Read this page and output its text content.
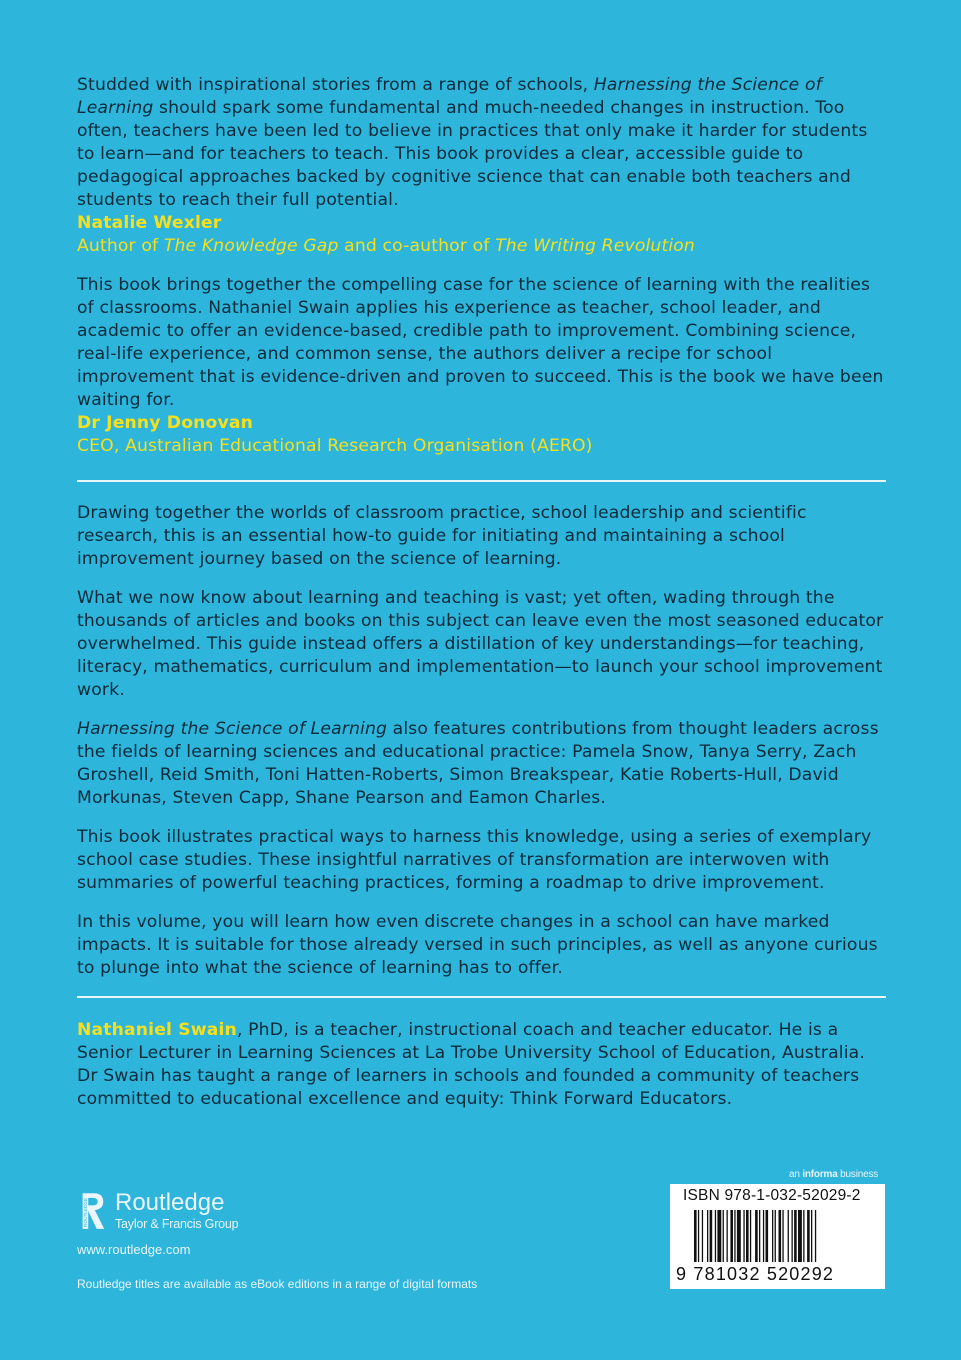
Studded with inspirational stories from a range of schools, Harnessing the Science of Learning should spark some fundamental and much-needed changes in instruction. Too often, teachers have been led to believe in practices that only make it harder for students to learn—and for teachers to teach. This book provides a clear, accessible guide to pedagogical approaches backed by cognitive science that can enable both teachers and students to reach their full potential.

Natalie Wexler

Author of The Knowledge Gap and co-author of The Writing Revolution

This book brings together the compelling case for the science of learning with the realities of classrooms. Nathaniel Swain applies his experience as teacher, school leader, and academic to offer an evidence-based, credible path to improvement. Combining science, real-life experience, and common sense, the authors deliver a recipe for school improvement that is evidence-driven and proven to succeed. This is the book we have been waiting for.

Dr Jenny Donovan

CEO, Australian Educational Research Organisation (AERO)

Drawing together the worlds of classroom practice, school leadership and scientific research, this is an essential how-to guide for initiating and maintaining a school improvement journey based on the science of learning.

What we now know about learning and teaching is vast; yet often, wading through the thousands of articles and books on this subject can leave even the most seasoned educator overwhelmed. This guide instead offers a distillation of key understandings—for teaching, literacy, mathematics, curriculum and implementation—to launch your school improvement work.

Harnessing the Science of Learning also features contributions from thought leaders across the fields of learning sciences and educational practice: Pamela Snow, Tanya Serry, Zach Groshell, Reid Smith, Toni Hatten-Roberts, Simon Breakspear, Katie Roberts-Hull, David Morkunas, Steven Capp, Shane Pearson and Eamon Charles.

This book illustrates practical ways to harness this knowledge, using a series of exemplary school case studies. These insightful narratives of transformation are interwoven with summaries of powerful teaching practices, forming a roadmap to drive improvement.

In this volume, you will learn how even discrete changes in a school can have marked impacts. It is suitable for those already versed in such principles, as well as anyone curious to plunge into what the science of learning has to offer.

Nathaniel Swain, PhD, is a teacher, instructional coach and teacher educator. He is a Senior Lecturer in Learning Sciences at La Trobe University School of Education, Australia. Dr Swain has taught a range of learners in schools and founded a community of teachers committed to educational excellence and equity: Think Forward Educators.

ROUTLEDGE Routledge
Taylor & Francis Group
www.routledge.com
Routledge titles are available as eBook editions in a range of digital formats
an informa business
ISBN 978-1-032-52029-2
9 781032 520292
